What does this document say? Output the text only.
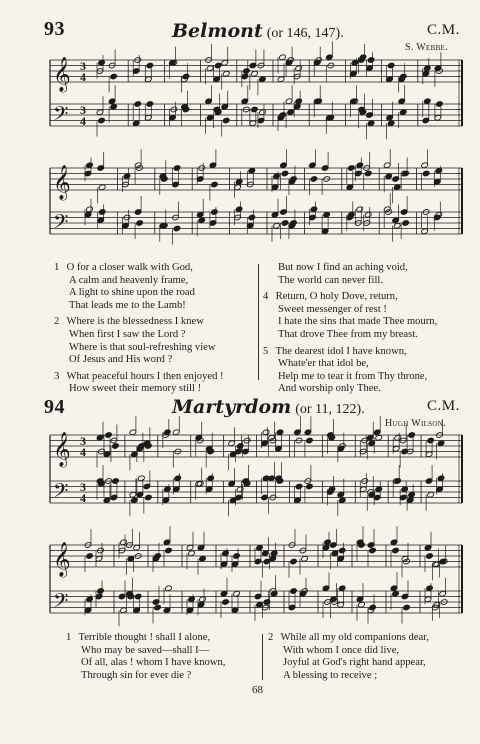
93	Belmont (or 146, 147).	C.M.
S. Webbe.
𝄞
𝄢
3
4
3
4
𝄞
𝄢
1 O for a closer walk with God,
A calm and heavenly frame,
A light to shine upon the road
That leads me to the Lamb!
2 Where is the blessedness I knew
When first I saw the Lord ?
Where is that soul-refreshing view
Of Jesus and His word ?
3 What peaceful hours I then enjoyed !
How sweet their memory still !
But now I find an aching void,
The world can never fill.
4 Return, O holy Dove, return,
Sweet messenger of rest !
I hate the sins that made Thee mourn,
That drove Thee from my breast.
5 The dearest idol I have known,
Whate'er that idol be,
Help me to tear it from Thy throne,
And worship only Thee.
94	Martyrdom (or 11, 122).	C.M.
Hugh Wilson.
𝄞
𝄢
3
4
3
4
𝄞
𝄢
1 Terrible thought ! shall I alone,
Who may be saved—shall I—
Of all, alas ! whom I have known,
Through sin for ever die ?
2 While all my old companions dear,
With whom I once did live,
Joyful at God's right hand appear,
A blessing to receive ;
68
